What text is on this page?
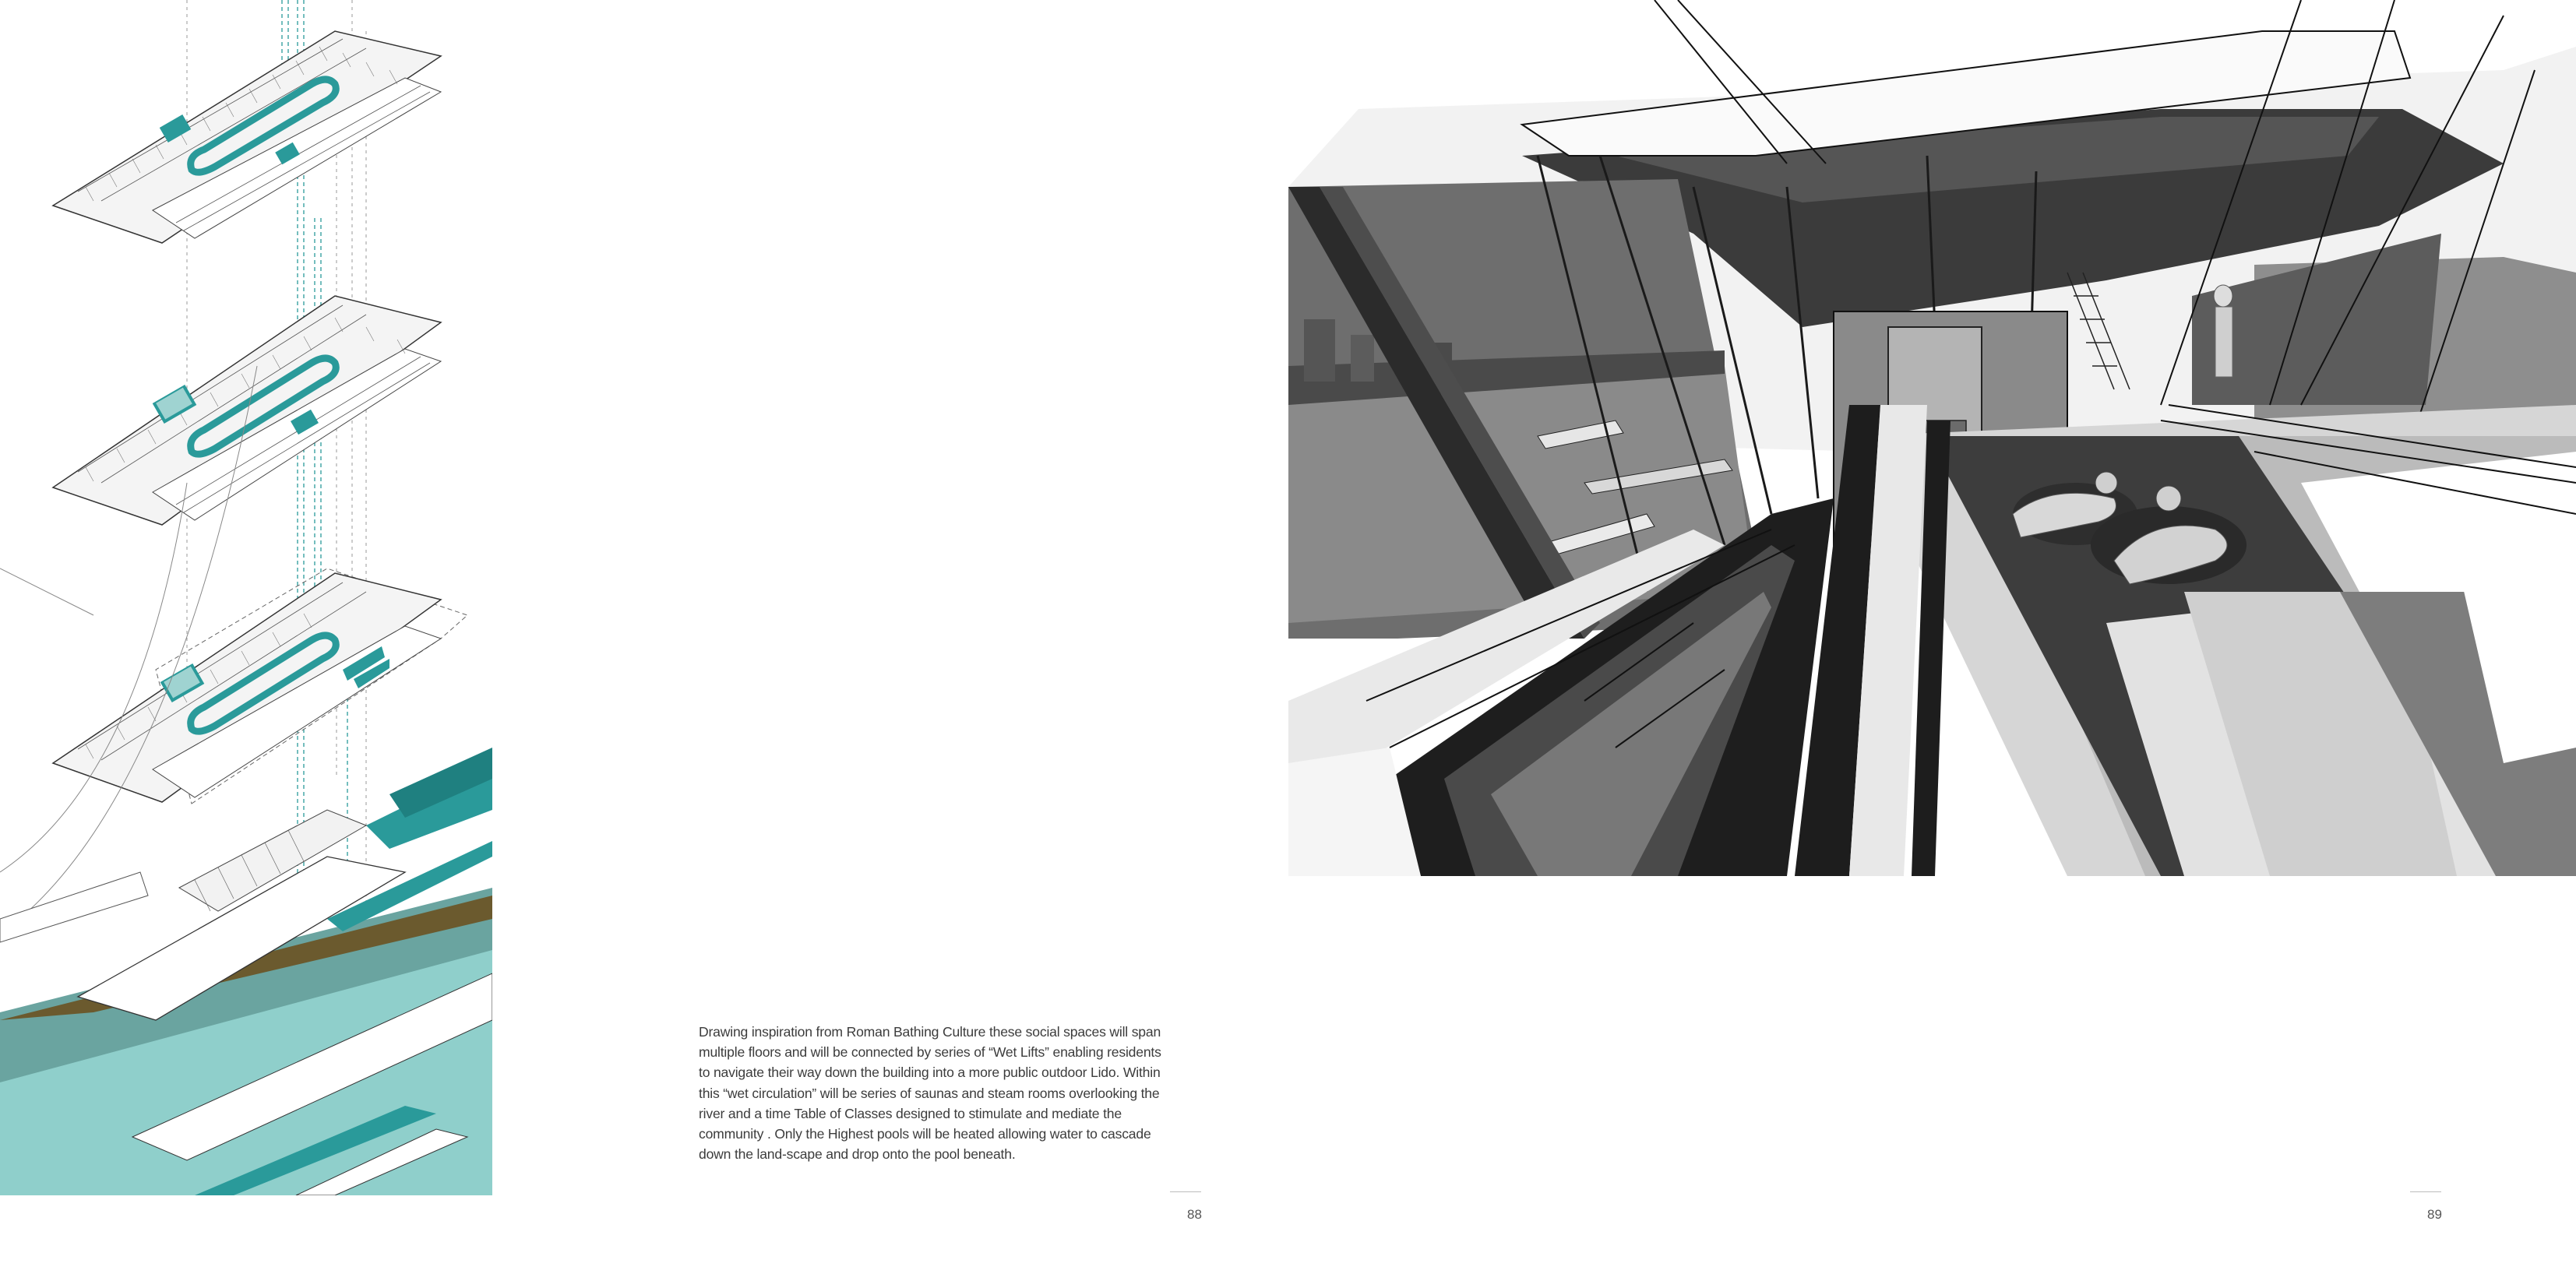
Drawing inspiration from Roman Bathing Culture these social spaces will span multiple floors and will be connected by series of “Wet Lifts” enabling residents to navigate their way down the building into a more public outdoor Lido. Within this “wet circulation” will be series of saunas and steam rooms overlooking the river and a time Table of Classes designed to stimulate and mediate the community . Only the Highest pools will be heated allowing water to cascade down the land-scape and drop onto the pool beneath.

88	89
